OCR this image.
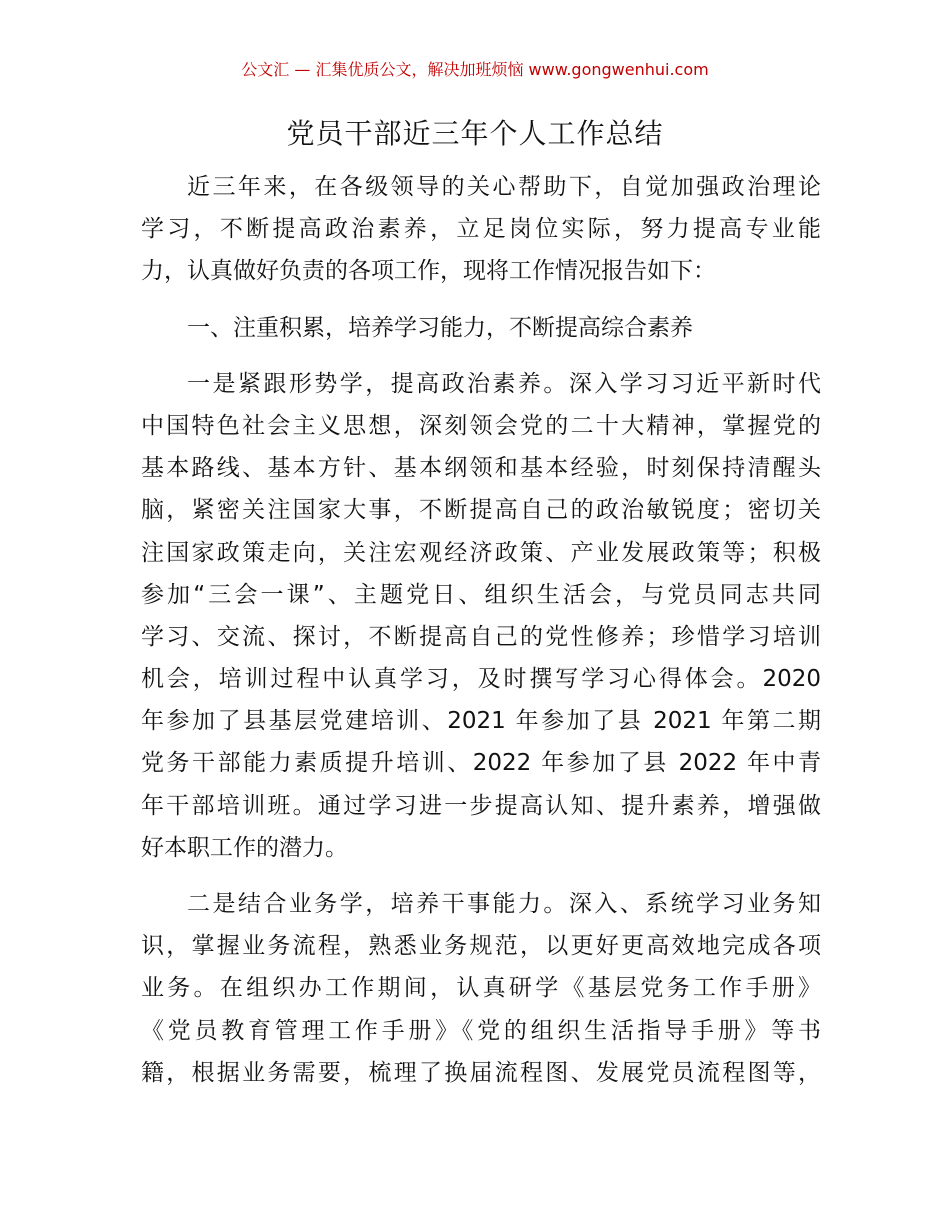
公文汇 — 汇集优质公文，解决加班烦恼 www.gongwenhui.com
党员干部近三年个人工作总结
近三年来，在各级领导的关心帮助下，自觉加强政治理论
学习，不断提高政治素养，立足岗位实际，努力提高专业能
力，认真做好负责的各项工作，现将工作情况报告如下：
一、注重积累，培养学习能力，不断提高综合素养
一是紧跟形势学，提高政治素养。深入学习习近平新时代
中国特色社会主义思想，深刻领会党的二十大精神，掌握党的
基本路线、基本方针、基本纲领和基本经验，时刻保持清醒头
脑，紧密关注国家大事，不断提高自己的政治敏锐度；密切关
注国家政策走向，关注宏观经济政策、产业发展政策等；积极
参加“三会一课”、主题党日、组织生活会，与党员同志共同
学习、交流、探讨，不断提高自己的党性修养；珍惜学习培训
机会，培训过程中认真学习，及时撰写学习心得体会。2020
年参加了县基层党建培训、2021 年参加了县 2021 年第二期
党务干部能力素质提升培训、2022 年参加了县 2022 年中青
年干部培训班。通过学习进一步提高认知、提升素养，增强做
好本职工作的潜力。
二是结合业务学，培养干事能力。深入、系统学习业务知
识，掌握业务流程，熟悉业务规范，以更好更高效地完成各项
业务。在组织办工作期间，认真研学《基层党务工作手册》
《党员教育管理工作手册》《党的组织生活指导手册》等书
籍，根据业务需要，梳理了换届流程图、发展党员流程图等，
